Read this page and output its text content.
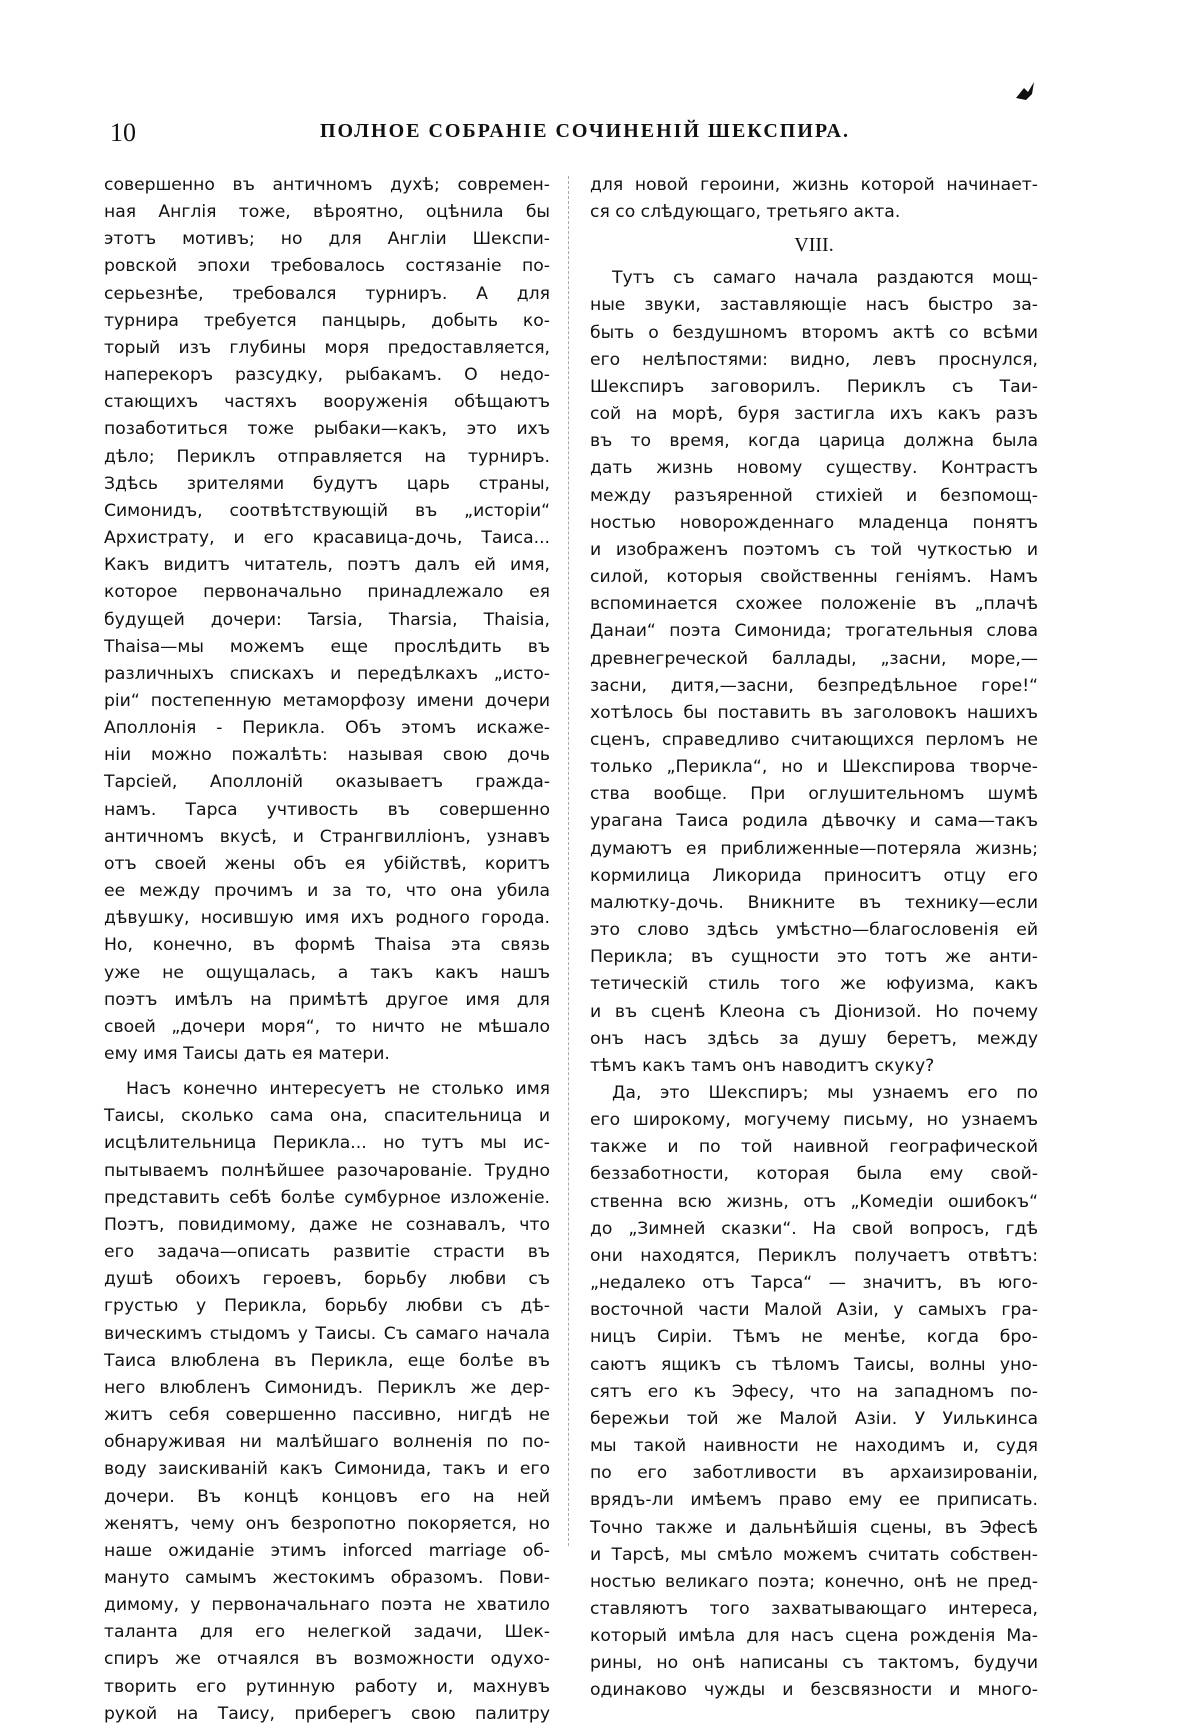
10	ПОЛНОЕ СОБРАНІЕ СОЧИНЕНІЙ ШЕКСПИРА.
совершенно въ античномъ духѣ; современ-
ная Англія тоже, вѣроятно, оцѣнила бы
этотъ мотивъ; но для Англіи Шекспи-
ровской эпохи требовалось состязаніе по-
серьезнѣе, требовался турниръ. А для
турнира требуется панцырь, добыть ко-
торый изъ глубины моря предоставляется,
наперекоръ разсудку, рыбакамъ. О недо-
стающихъ частяхъ вооруженія обѣщаютъ
позаботиться тоже рыбаки—какъ, это ихъ
дѣло; Периклъ отправляется на турниръ.
Здѣсь зрителями будутъ царь страны,
Симонидъ, соотвѣтствующій въ „исторіи“
Архистрату, и его красавица-дочь, Таиса...
Какъ видитъ читатель, поэтъ далъ ей имя,
которое первоначально принадлежало ея
будущей дочери: Tarsia, Tharsia, Thaisia,
Thaisa—мы можемъ еще прослѣдить въ
различныхъ спискахъ и передѣлкахъ „исто-
ріи“ постепенную метаморфозу имени дочери
Аполлонія - Перикла. Объ этомъ искаже-
ніи можно пожалѣть: называя свою дочь
Тарсіей, Аполлоній оказываетъ гражда-
намъ. Тарса учтивость въ совершенно
античномъ вкусѣ, и Странгвиллiонъ, узнавъ
отъ своей жены объ ея убійствѣ, коритъ
ее между прочимъ и за то, что она убила
дѣвушку, носившую имя ихъ родного города.
Но, конечно, въ формѣ Thaisa эта связь
уже не ощущалась, а такъ какъ нашъ
поэтъ имѣлъ на примѣтѣ другое имя для
своей „дочери моря“, то ничто не мѣшало
ему имя Таисы дать ея матери.
Насъ конечно интересуетъ не столько имя
Таисы, сколько сама она, спасительница и
исцѣлительница Перикла... но тутъ мы ис-
пытываемъ полнѣйшее разочарованіе. Трудно
представить себѣ болѣе сумбурное изложеніе.
Поэтъ, повидимому, даже не сознавалъ, что
его задача—описать развитіе страсти въ
душѣ обоихъ героевъ, борьбу любви съ
грустью у Перикла, борьбу любви съ дѣ-
вическимъ стыдомъ у Таисы. Съ самаго начала
Таиса влюблена въ Перикла, еще болѣе въ
него влюбленъ Симонидъ. Периклъ же дер-
житъ себя совершенно пассивно, нигдѣ не
обнаруживая ни малѣйшаго волненія по по-
воду заискиваній какъ Симонида, такъ и его
дочери. Въ концѣ концовъ его на ней
женятъ, чему онъ безропотно покоряется, но
наше ожиданіе этимъ inforced marriage об-
мануто самымъ жестокимъ образомъ. Пови-
димому, у первоначальнаго поэта не хватило
таланта для его нелегкой задачи, Шек-
спиръ же отчаялся въ возможности одухо-
творить его рутинную работу и, махнувъ
рукой на Таису, приберегъ свою палитру
для новой героини, жизнь которой начинает-
ся со слѣдующаго, третьяго акта.
VIII.
Тутъ съ самаго начала раздаются мощ-
ные звуки, заставляющіе насъ быстро за-
быть о бездушномъ второмъ актѣ со всѣми
его нелѣпостями: видно, левъ проснулся,
Шекспиръ заговорилъ. Периклъ съ Таи-
сой на морѣ, буря застигла ихъ какъ разъ
въ то время, когда царица должна была
дать жизнь новому существу. Контрастъ
между разъяренной стихіей и безпомощ-
ностью новорожденнаго младенца понятъ
и изображенъ поэтомъ съ той чуткостью и
силой, которыя свойственны геніямъ. Намъ
вспоминается схожее положеніе въ „плачѣ
Данаи“ поэта Симонида; трогательныя слова
древнегреческой баллады, „засни, море,—
засни, дитя,—засни, безпредѣльное горе!“
хотѣлось бы поставить въ заголовокъ нашихъ
сценъ, справедливо считающихся перломъ не
только „Перикла“, но и Шекспирова творче-
ства вообще. При оглушительномъ шумѣ
урагана Таиса родила дѣвочку и сама—такъ
думаютъ ея приближенные—потеряла жизнь;
кормилица Ликорида приноситъ отцу его
малютку-дочь. Вникните въ технику—если
это слово здѣсь умѣстно—благословенія ей
Перикла; въ сущности это тотъ же анти-
тетическій стиль того же юфуизма, какъ
и въ сценѣ Клеона съ Діонизой. Но почему
онъ насъ здѣсь за душу беретъ, между
тѣмъ какъ тамъ онъ наводитъ скуку?
Да, это Шекспиръ; мы узнаемъ его по
его широкому, могучему письму, но узнаемъ
также и по той наивной географической
беззаботности, которая была ему свой-
ственна всю жизнь, отъ „Комедіи ошибокъ“
до „Зимней сказки“. На свой вопросъ, гдѣ
они находятся, Периклъ получаетъ отвѣтъ:
„недалеко отъ Тарса“ — значитъ, въ юго-
восточной части Малой Азіи, у самыхъ гра-
ницъ Сиріи. Тѣмъ не менѣе, когда бро-
саютъ ящикъ съ тѣломъ Таисы, волны уно-
сятъ его къ Эфесу, что на западномъ по-
бережьи той же Малой Азіи. У Уилькинса
мы такой наивности не находимъ и, судя
по его заботливости въ архаизированіи,
врядъ-ли имѣемъ право ему ее приписать.
Точно также и дальнѣйшія сцены, въ Эфесѣ
и Тарсѣ, мы смѣло можемъ считать собствен-
ностью великаго поэта; конечно, онѣ не пред-
ставляютъ того захватывающаго интереса,
который имѣла для насъ сцена рожденія Ма-
рины, но онѣ написаны съ тактомъ, будучи
одинаково чужды и безсвязности и много-
